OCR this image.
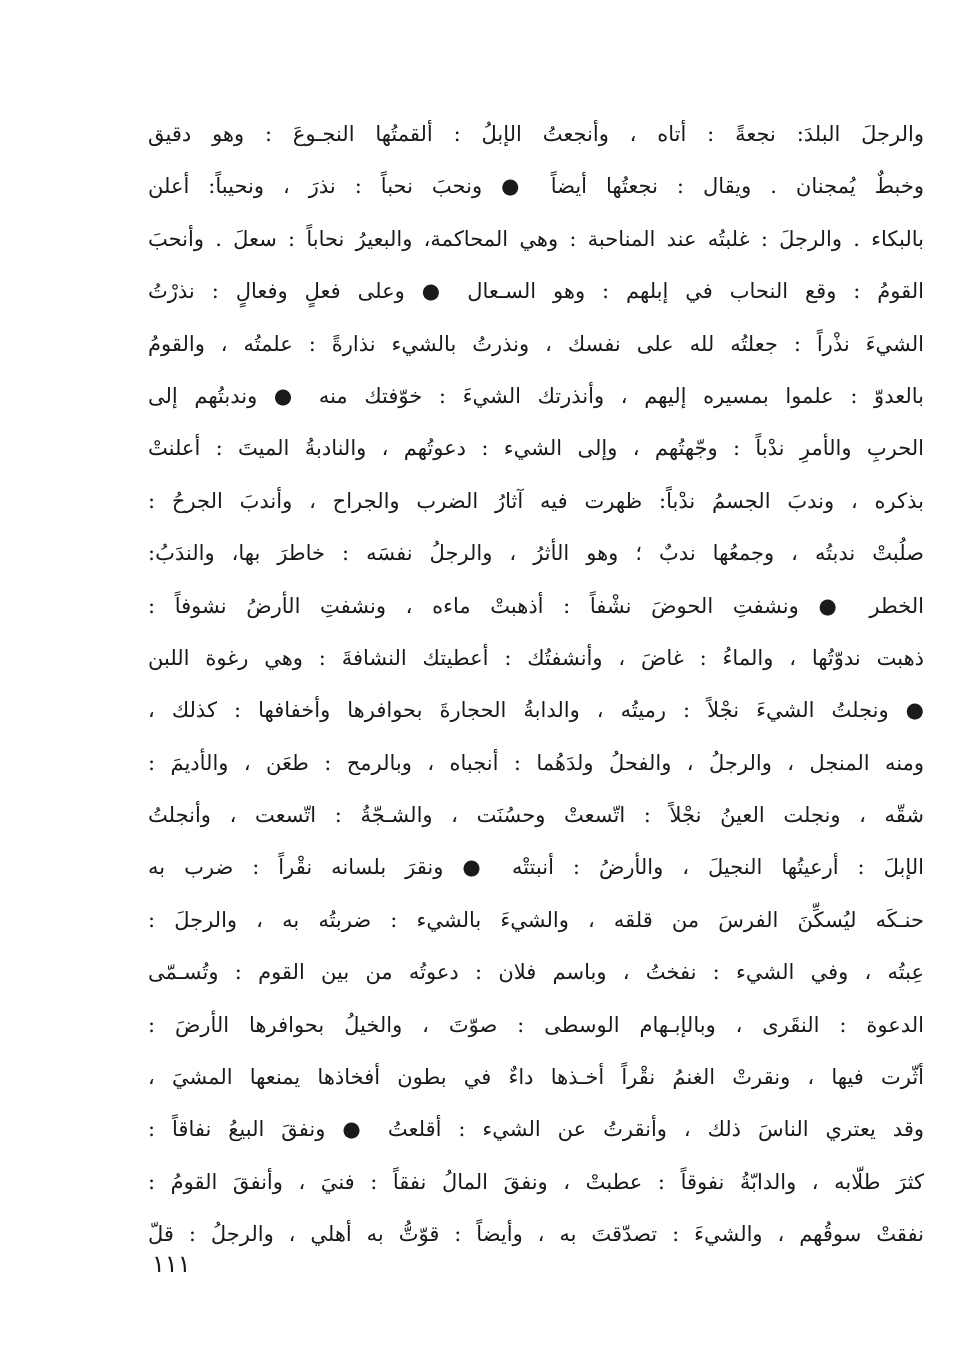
والرجلَ البلدَ: نجعةً : أتاه ، وأنجعتُ الإبلُ : ألقمتُها النجـوعَ : وهو دقيق
وخبطٌ يُمجنان . ويقال : نجعتُها أيضاً ● ونحبَ نحباً : نذرَ ، ونحيباً: أعلن
بالبكاء . والرجلَ : غلبتُه عند المناحبة : وهي المحاكمة، والبعيرُ نحاباً : سعلَ . وأنحبَ
القومُ : وقع النحاب في إبلهم : وهو السـعال ● وعلى فعلٍ وفعالٍ : نذرْتُ
الشيءَ نذْراً : جعلتُه لله على نفسك ، ونذرتُ بالشيء نذارةً : علمتُه ، والقومُ
بالعدوّ : علموا بمسيره إليهم ، وأنذرتك الشيءَ : خوّفتك منه ● وندبتُهم إلى
الحربِ والأمرِ ندْباً : وجّهتُهم ، وإلى الشيء : دعوتُهم ، والنادبةُ الميتَ : أعلنتْ
بذكره ، وندبَ الجسمُ ندْباً: ظهرت فيه آثارُ الضرب والجراح ، وأندبَ الجرحُ :
صلُبتْ ندبتُه ، وجمعُها ندبٌ ؛ وهو الأثرُ ، والرجلُ نفسَه : خاطرَ بها، والندَبُ:
الخطر ● ونشفتِ الحوضَ نشْفاً : أذهبتْ ماءه ، ونشفتِ الأرضُ نشوفاً :
ذهبت ندوّتُها ، والماءُ : غاضَ ، وأنشفتُك : أعطيتك النشافةَ : وهي رغوة اللبن
● ونجلتُ الشيءَ نجْلاً : رميتُه ، والدابةُ الحجارةَ بحوافرها وأخفافها : كذلك ،
ومنه المنجل ، والرجلُ ، والفحلُ ولدَهُما : أنجباه ، وبالرمح : طعَن ، والأديمَ :
شقّه ، ونجلت العينُ نجْلاً : اتّسعتْ وحسُنَت ، والشـجّةُ : اتّسعت ، وأنجلتُ
الإبلَ : أرعيتُها النجيلَ ، والأرضُ : أنبتتْه ● ونقرَ بلسانه نقْراً : ضرب به
حنـكَه ليُسكِّنَ الفرسَ من قلقه ، والشيءَ بالشيء : ضربتُه به ، والرجلَ :
عِبتُه ، وفي الشيء : نفختُ ، وباسم فلان : دعوتُه من بين القوم : وتُسـمّى
الدعوة : النقَرى ، وبالإبـهام الوسطى : صوّتَ ، والخيلُ بحوافرها الأرضَ :
أثّرت فيها ، ونقرتْ الغنمُ نقْراً أخـذها داءٌ في بطون أفخاذها يمنعها المشيَ ،
وقد يعتري الناسَ ذلك ، وأنقرتُ عن الشيء : أقلعتُ ● ونفقَ البيعُ نفاقاً :
كثرَ طلّابه ، والدابّةُ نفوقاً : عطبتْ ، ونفقَ المالُ نفقاً : فنيَ ، وأنفقَ القومُ :
نفقتْ سوقُهم ، والشيءَ : تصدّقتَ به ، وأيضاً : قوّتُّ به أهلي ، والرجلُ : قلّ
١١١
